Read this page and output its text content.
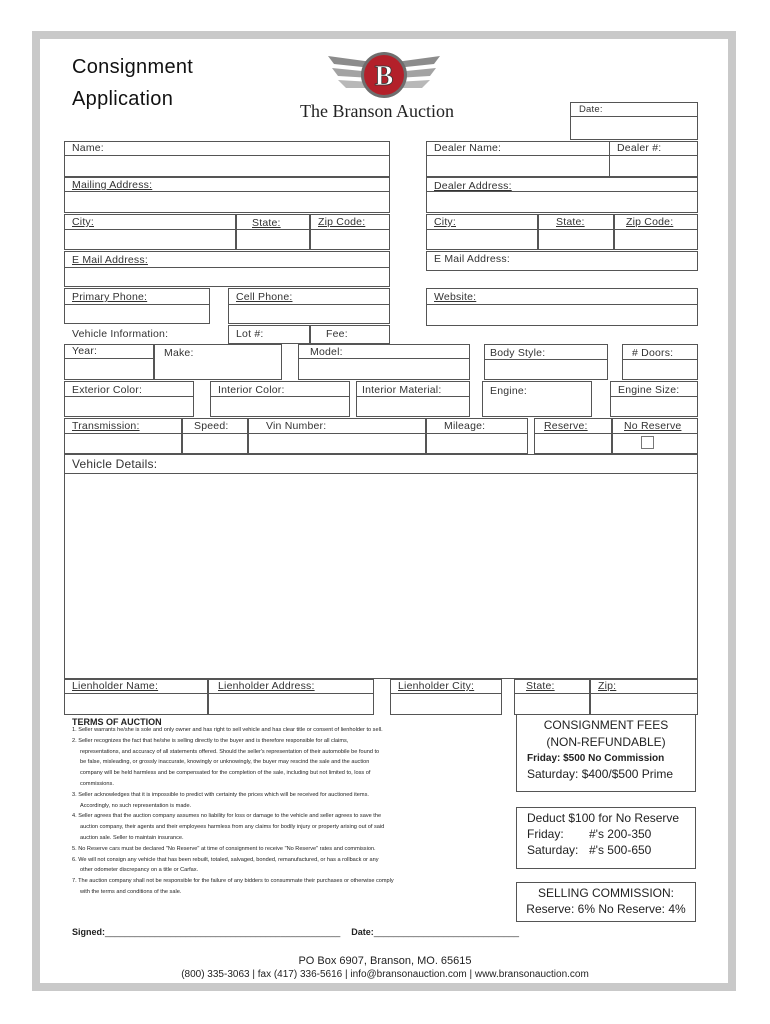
Consignment
Application
B
The Branson Auction	Date:
Name:	Dealer Name:	Dealer #:
Mailing Address:	Dealer Address:
City:	State:	Zip Code:	City:	State:	Zip Code:
E Mail Address:	E Mail Address:
Primary Phone:	Cell Phone:	Website:
Vehicle Information:	Lot #:	Fee:
Year:	Make:	Model:	Body Style:	# Doors:
Exterior Color:	Interior Color:	Interior Material:	Engine:	Engine Size:
Transmission:	Speed:	Vin Number:	Mileage:	Reserve:	No Reserve
Vehicle Details:
Lienholder Name:	Lienholder Address:	Lienholder City:	State:	Zip:
TERMS OF AUCTION
1. Seller warrants he/she is sole and only owner and has right to sell vehicle and has clear title or consent of lienholder to sell.
2. Seller recognizes the fact that he/she is selling directly to the buyer and is therefore responsible for all claims,
representations, and accuracy of all statements offered. Should the seller's representation of their automobile be found to
be false, misleading, or grossly inaccurate, knowingly or unknowingly, the buyer may rescind the sale and the auction
company will be held harmless and be compensated for the completion of the sale, including but not limited to, loss of
commissions.
3. Seller acknowledges that it is impossible to predict with certainty the prices which will be received for auctioned items.
Accordingly, no such representation is made.
4. Seller agrees that the auction company assumes no liability for loss or damage to the vehicle and seller agrees to save the
auction company, their agents and their employees harmless from any claims for bodily injury or property arising out of said
auction sale. Seller to maintain insurance.
5. No Reserve cars must be declared "No Reserve" at time of consignment to receive "No Reserve" rates and commission.
6. We will not consign any vehicle that has been rebuilt, totaled, salvaged, bonded, remanufactured, or has a rollback or any
other odometer discrepancy on a title or Carfax.
7. The auction company shall not be responsible for the failure of any bidders to consummate their purchases or otherwise comply
with the terms and conditions of the sale.
Signed:_______________________________________________ Date:_____________________________
CONSIGNMENT FEES
(NON-REFUNDABLE)
Friday: $500 No Commission
Saturday: $400/$500 Prime
Deduct $100 for No Reserve
Friday: #'s 200-350
Saturday: #'s 500-650
SELLING COMMISSION:
Reserve: 6% No Reserve: 4%
PO Box 6907, Branson, MO. 65615
(800) 335-3063 | fax (417) 336-5616 | info@bransonauction.com | www.bransonauction.com
